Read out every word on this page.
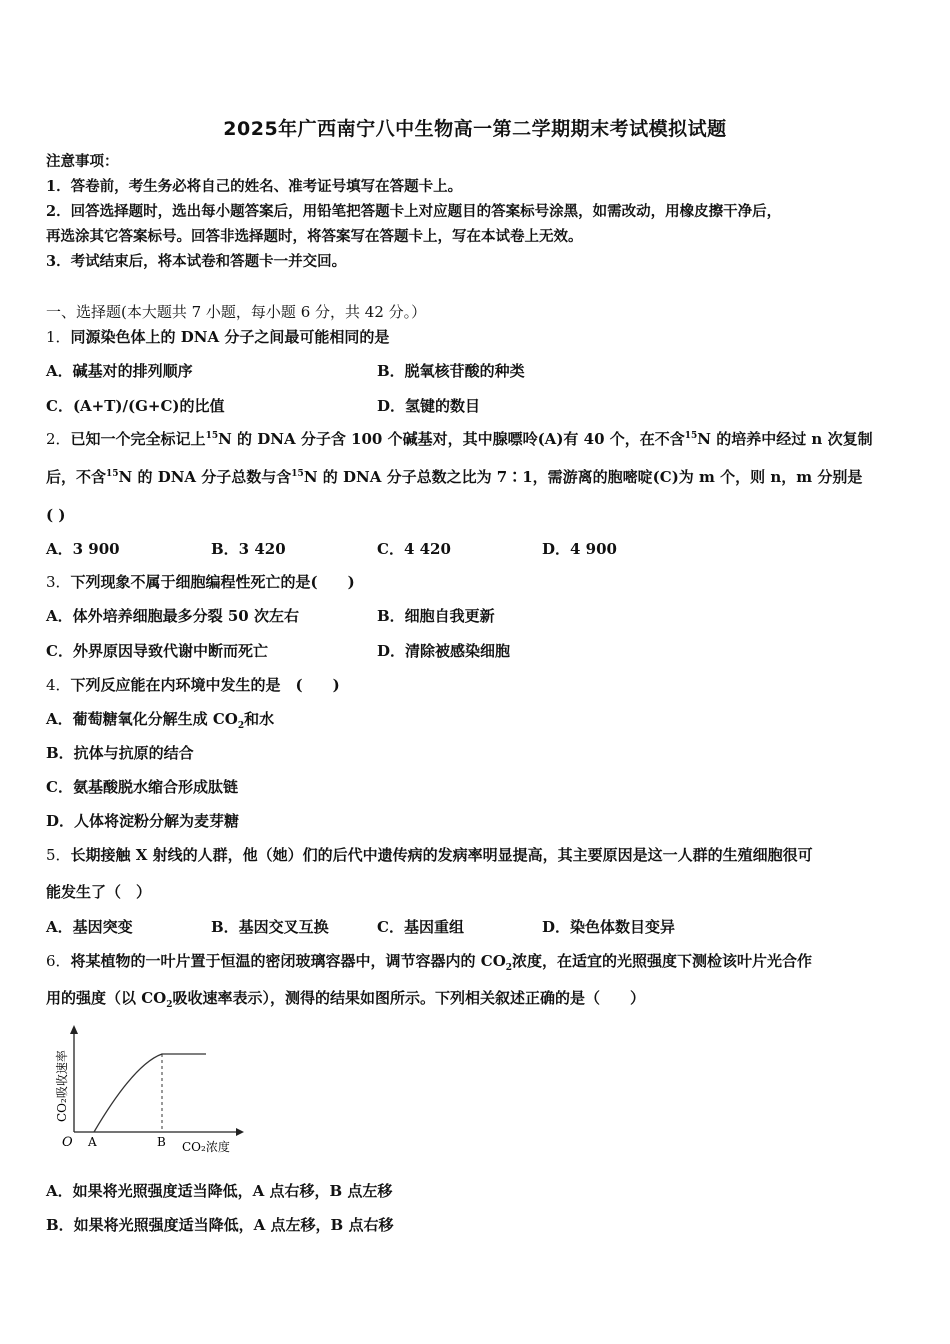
2025年广西南宁八中生物高一第二学期期末考试模拟试题
注意事项：
1．答卷前，考生务必将自己的姓名、准考证号填写在答题卡上。
2．回答选择题时，选出每小题答案后，用铅笔把答题卡上对应题目的答案标号涂黑，如需改动，用橡皮擦干净后，
再选涂其它答案标号。回答非选择题时，将答案写在答题卡上，写在本试卷上无效。
3．考试结束后，将本试卷和答题卡一并交回。
一、选择题(本大题共 7 小题，每小题 6 分，共 42 分。）
1．同源染色体上的 DNA 分子之间最可能相同的是
A．碱基对的排列顺序	B．脱氧核苷酸的种类
C．(A+T)/(G+C)的比值	D．氢键的数目
2．已知一个完全标记上$^{15}$N 的 DNA 分子含 100 个碱基对，其中腺嘌呤(A)有 40 个，在不含$^{15}$N 的培养中经过 n 次复制
后，不含$^{15}$N 的 DNA 分子总数与含$^{15}$N 的 DNA 分子总数之比为 7∶1，需游离的胞嘧啶(C)为 m 个，则 n，m 分别是
( )
A．3 900	B．3 420	C．4 420	D．4 900
3．下列现象不属于细胞编程性死亡的是(　　)
A．体外培养细胞最多分裂 50 次左右	B．细胞自我更新
C．外界原因导致代谢中断而死亡	D．清除被感染细胞
4．下列反应能在内环境中发生的是　(　　)
A．葡萄糖氧化分解生成 $CO_2$和水
B．抗体与抗原的结合
C．氨基酸脱水缩合形成肽链
D．人体将淀粉分解为麦芽糖
5．长期接触 X 射线的人群，他（她）们的后代中遗传病的发病率明显提高，其主要原因是这一人群的生殖细胞很可
能发生了（　）
A．基因突变	B．基因交叉互换	C．基因重组	D．染色体数目变异
6．将某植物的一叶片置于恒温的密闭玻璃容器中，调节容器内的 $CO_2$浓度，在适宜的光照强度下测检该叶片光合作
用的强度（以 $CO_2$吸收速率表示），测得的结果如图所示。下列相关叙述正确的是（　　）
O A	B CO₂浓度
CO₂吸收速率
A．如果将光照强度适当降低，A 点右移，B 点左移
B．如果将光照强度适当降低，A 点左移，B 点右移
